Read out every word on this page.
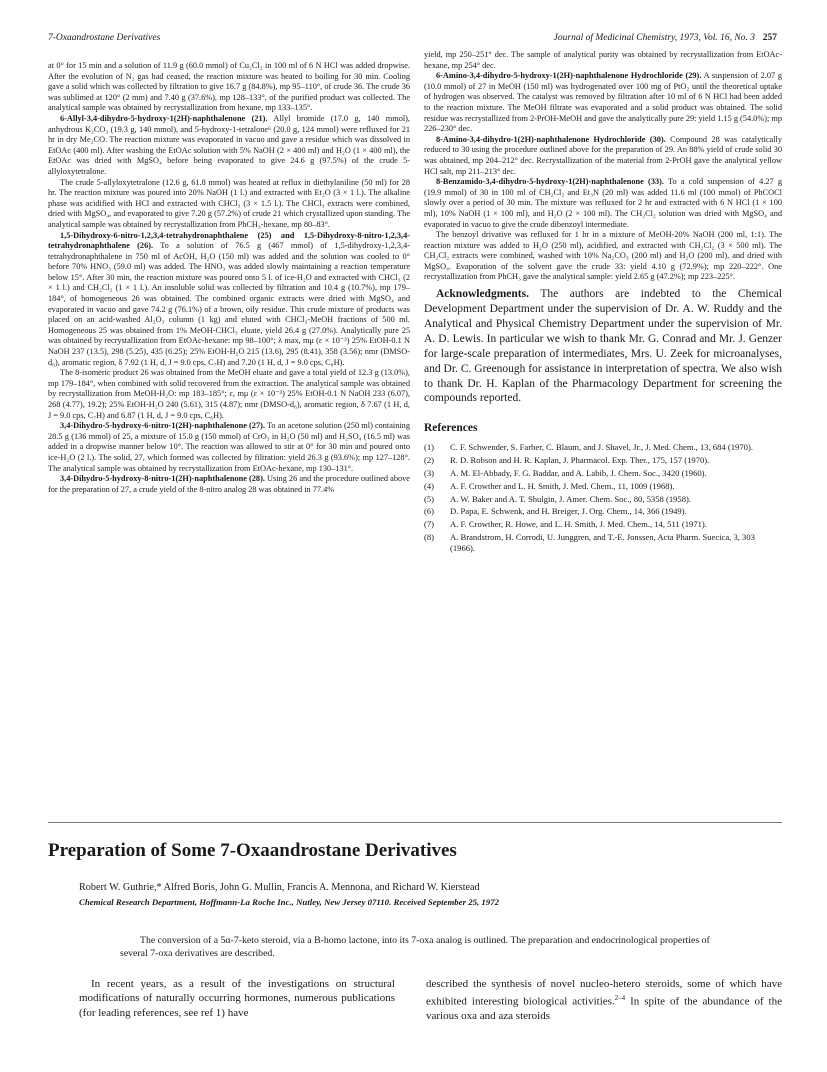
7-Oxaandrostane Derivatives	Journal of Medicinal Chemistry, 1973, Vol. 16, No. 3 257

at 0° for 15 min and a solution of 11.9 g (60.0 mmol) of Cu₂Cl₂ in 100 ml of 6 N HCl was added dropwise. After the evolution of N₂ gas had ceased, the reaction mixture was heated to boiling for 30 min. Cooling gave a solid which was collected by filtration to give 16.7 g (84.8%), mp 95–110°, of crude 36. The crude 36 was sublimed at 120° (2 mm) and 7.40 g (37.6%), mp 128–133°, of the purified product was collected. The analytical sample was obtained by recrystallization from hexane, mp 133–135°.

6-Allyl-3,4-dihydro-5-hydroxy-1(2H)-naphthalenone (21). Allyl bromide (17.0 g, 140 mmol), anhydrous K₂CO₃ (19.3 g, 140 mmol), and 5-hydroxy-1-tetralone⁶ (20.0 g, 124 mmol) were refluxed for 21 hr in dry Me₂CO. The reaction mixture was evaporated in vacuo and gave a residue which was dissolved in EtOAc (400 ml). After washing the EtOAc solution with 5% NaOH (2 × 400 ml) and H₂O (1 × 400 ml), the EtOAc was dried with MgSO₄ before being evaporated to give 24.6 g (97.5%) of the crude 5-allyloxytetralone.

The crude 5-allyloxytetralone (12.6 g, 61.8 mmol) was heated at reflux in diethylaniline (50 ml) for 28 hr. The reaction mixture was poured into 20% NaOH (1 l.) and extracted with Et₂O (3 × 1 l.). The alkaline phase was acidified with HCl and extracted with CHCl₃ (3 × 1.5 l.). The CHCl₃ extracts were combined, dried with MgSO₄, and evaporated to give 7.20 g (57.2%) of crude 21 which crystallized upon standing. The analytical sample was obtained by recrystallization from PhCH₃-hexane, mp 80–83°.

1,5-Dihydroxy-6-nitro-1,2,3,4-tetrahydronaphthalene (25) and 1,5-Dihydroxy-8-nitro-1,2,3,4-tetrahydronaphthalene (26). To a solution of 76.5 g (467 mmol) of 1,5-dihydroxy-1,2,3,4-tetrahydronaphthalene in 750 ml of AcOH, H₂O (150 ml) was added and the solution was cooled to 0° before 70% HNO₃ (59.0 ml) was added. The HNO₃ was added slowly maintaining a reaction temperature below 15°. After 30 min, the reaction mixture was poured onto 5 l. of ice-H₂O and extracted with CHCl₃ (2 × 1 l.) and CH₂Cl₂ (1 × 1 l.). An insoluble solid was collected by filtration and 10.4 g (10.7%), mp 179–184°, of homogeneous 26 was obtained. The combined organic extracts were dried with MgSO₄ and evaporated in vacuo and gave 74.2 g (76.1%) of a brown, oily residue. This crude mixture of products was placed on an acid-washed Al₂O₃ column (1 kg) and eluted with CHCl₃-MeOH fractions of 500 ml. Homogeneous 25 was obtained from 1% MeOH-CHCl₃ eluate, yield 26.4 g (27.0%). Analytically pure 25 was obtained by recrystallization from EtOAc-hexane: mp 98–100°; λ max, mμ (ε × 10⁻³) 25% EtOH-0.1 N NaOH 237 (13.5), 298 (5.25), 435 (6.25); 25% EtOH-H₂O 215 (13.6), 295 (8.41), 358 (3.56); nmr (DMSO-d₆), aromatic region, δ 7.92 (1 H, d, J = 9.0 cps, C₇H) and 7.20 (1 H, d, J = 9.0 cps, C₈H).

The 8-isomeric product 26 was obtained from the MeOH eluate and gave a total yield of 12.3 g (13.0%), mp 179–184°, when combined with solid recovered from the extraction. The analytical sample was obtained by recrystallization from MeOH-H₂O: mp 183–185°; ε, mμ (ε × 10⁻³) 25% EtOH-0.1 N NaOH 233 (6.07), 268 (4.77), 19.2); 25% EtOH-H₂O 240 (5.61), 315 (4.87); nmr (DMSO-d₆), aromatic region, δ 7.67 (1 H, d, J = 9.0 cps, C₇H) and 6.87 (1 H, d, J = 9.0 cps, C₆H).

3,4-Dihydro-5-hydroxy-6-nitro-1(2H)-naphthalenone (27). To an acetone solution (250 ml) containing 28.5 g (136 mmol) of 25, a mixture of 15.0 g (150 mmol) of CrO₃ in H₂O (50 ml) and H₂SO₄ (16.5 ml) was added in a dropwise manner below 10°. The reaction was allowed to stir at 0° for 30 min and poured onto ice-H₂O (2 l.). The solid, 27, which formed was collected by filtration: yield 26.3 g (93.6%); mp 127–128°. The analytical sample was obtained by recrystallization from EtOAc-hexane, mp 130–131°.

3,4-Dihydro-5-hydroxy-8-nitro-1(2H)-naphthalenone (28). Using 26 and the procedure outlined above for the preparation of 27, a crude yield of the 8-nitro analog 28 was obtained in 77.4%

yield, mp 250–251° dec. The sample of analytical purity was obtained by recrystallization from EtOAc-hexane, mp 254° dec.

6-Amino-3,4-dihydro-5-hydroxy-1(2H)-naphthalenone Hydrochloride (29). A suspension of 2.07 g (10.0 mmol) of 27 in MeOH (150 ml) was hydrogenated over 100 mg of PtO₂ until the theoretical uptake of hydrogen was observed. The catalyst was removed by filtration after 10 ml of 6 N HCl had been added to the reaction mixture. The MeOH filtrate was evaporated and a solid product was obtained. The solid residue was recrystallized from 2-PrOH-MeOH and gave the analytically pure 29: yield 1.15 g (54.0%); mp 226–230° dec.

8-Amino-3,4-dihydro-1(2H)-naphthalenone Hydrochloride (30). Compound 28 was catalytically reduced to 30 using the procedure outlined above for the preparation of 29. An 88% yield of crude solid 30 was obtained, mp 204–212° dec. Recrystallization of the material from 2-PrOH gave the analytical yellow HCl salt, mp 211–213° dec.

8-Benzamido-3,4-dihydro-5-hydroxy-1(2H)-naphthalenone (33). To a cold suspension of 4.27 g (19.9 mmol) of 30 in 100 ml of CH₂Cl₂ and Et₃N (20 ml) was added 11.6 ml (100 mmol) of PhCOCl slowly over a period of 30 min. The mixture was refluxed for 2 hr and extracted with 6 N HCl (1 × 100 ml), 10% NaOH (1 × 100 ml), and H₂O (2 × 100 ml). The CH₂Cl₂ solution was dried with MgSO₄ and evaporated in vacuo to give the crude dibenzoyl intermediate.

The benzoyl drivative was refluxed for 1 hr in a mixture of MeOH-20% NaOH (200 ml, 1:1). The reaction mixture was added to H₂O (250 ml), acidified, and extracted with CH₂Cl₂ (3 × 500 ml). The CH₂Cl₂ extracts were combined, washed with 10% Na₂CO₃ (200 ml) and H₂O (200 ml), and dried with MgSO₄. Evaporation of the solvent gave the crude 33: yield 4.10 g (72.9%); mp 220–222°. One recrystallization from PhCH₃ gave the analytical sample: yield 2.65 g (47.2%); mp 223–225°.

Acknowledgments. The authors are indebted to the Chemical Development Department under the supervision of Dr. A. W. Ruddy and the Analytical and Physical Chemistry Department under the supervision of Mr. A. D. Lewis. In particular we wish to thank Mr. G. Conrad and Mr. J. Genzer for large-scale preparation of intermediates, Mrs. U. Zeek for microanalyses, and Dr. C. Greenough for assistance in interpretation of spectra. We also wish to thank Dr. H. Kaplan of the Pharmacology Department for screening the compounds reported.

References
(1) C. F. Schwender, S. Farber, C. Blaum, and J. Shavel, Jr., J. Med. Chem., 13, 684 (1970).
(2) R. D. Robson and H. R. Kaplan, J. Pharmacol. Exp. Ther., 175, 157 (1970).
(3) A. M. El-Abbady, F. G. Baddar, and A. Labib, J. Chem. Soc., 3420 (1960).
(4) A. F. Crowther and L. H. Smith, J. Med. Chem., 11, 1009 (1968).
(5) A. W. Baker and A. T. Shulgin, J. Amer. Chem. Soc., 80, 5358 (1958).
(6) D. Papa, E. Schwenk, and H. Breiger, J. Org. Chem., 14, 366 (1949).
(7) A. F. Crowther, R. Howe, and L. H. Smith, J. Med. Chem., 14, 511 (1971).
(8) A. Brandstrom, H. Corrodi, U. Junggren, and T.-E. Jonssen, Acta Pharm. Suecica, 3, 303 (1966).
Preparation of Some 7-Oxaandrostane Derivatives
Robert W. Guthrie,* Alfred Boris, John G. Mullin, Francis A. Mennona, and Richard W. Kierstead
Chemical Research Department, Hoffmann-La Roche Inc., Nutley, New Jersey 07110. Received September 25, 1972
The conversion of a 5α-7-keto steroid, via a B-homo lactone, into its 7-oxa analog is outlined. The preparation and endocrinological properties of several 7-oxa derivatives are described.
In recent years, as a result of the investigations on structural modifications of naturally occurring hormones, numerous publications (for leading references, see ref 1) have
described the synthesis of novel nucleo-hetero steroids, some of which have exhibited interesting biological activities.$^{2-4}$ In spite of the abundance of the various oxa and aza steroids
